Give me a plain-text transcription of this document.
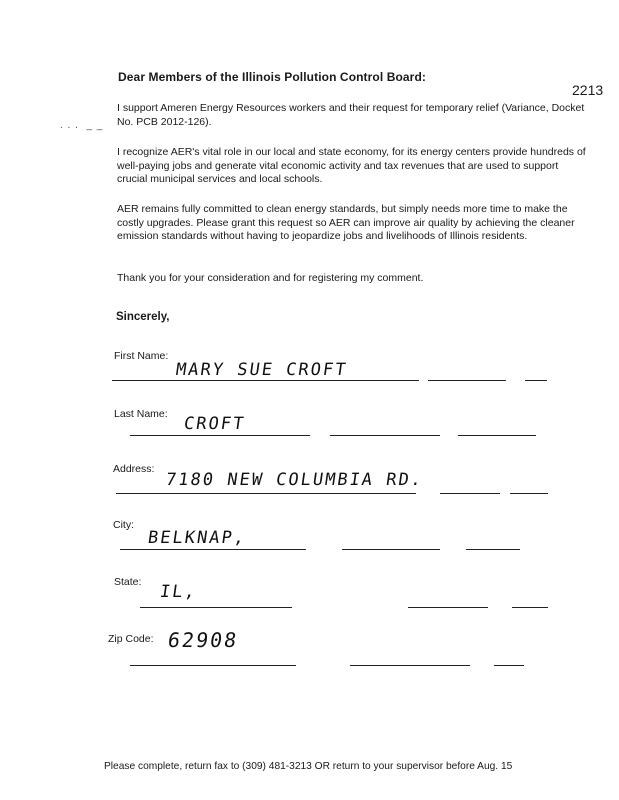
2213
Dear Members of the Illinois Pollution Control Board:
. . .  _ _
I support Ameren Energy Resources workers and their request for temporary relief (Variance, Docket No. PCB 2012-126).
I recognize AER's vital role in our local and state economy, for its energy centers provide hundreds of well-paying jobs and generate vital economic activity and tax revenues that are used to support crucial municipal services and local schools.
AER remains fully committed to clean energy standards, but simply needs more time to make the costly upgrades. Please grant this request so AER can improve air quality by achieving the cleaner emission standards without having to jeopardize jobs and livelihoods of Illinois residents.
Thank you for your consideration and for registering my comment.
Sincerely,
First Name:
MARY SUE CROFT
Last Name: CROFT
Address:
7180 NEW COLUMBIA RD.
City:
BELKNAP,
State: IL,
Zip Code: 62908
Please complete, return fax to (309) 481-3213 OR return to your supervisor before Aug. 15
